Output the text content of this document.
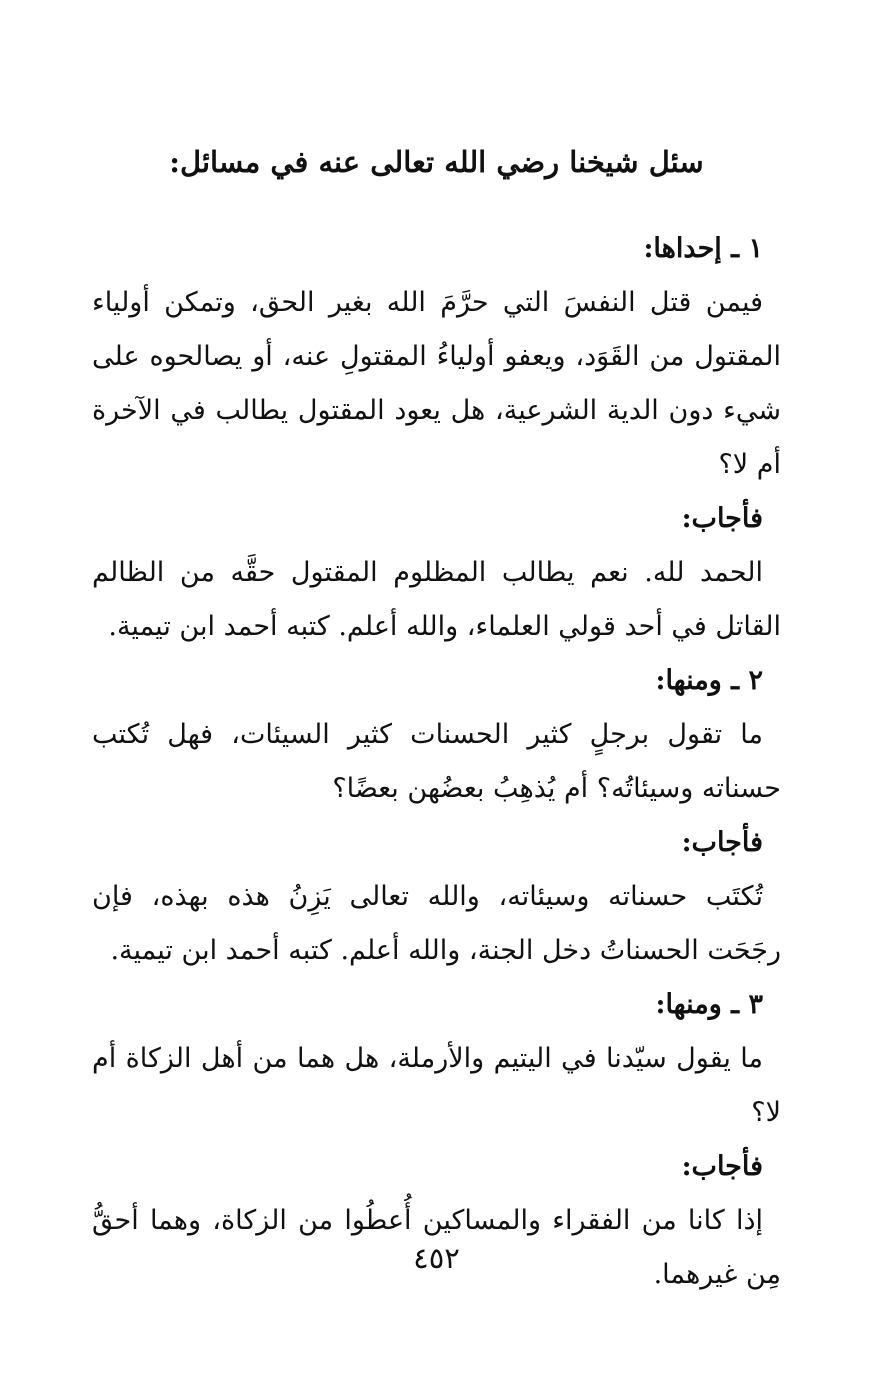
سئل شيخنا رضي الله تعالى عنه في مسائل:

١ ـ إحداها:

فيمن قتل النفسَ التي حرَّمَ الله بغير الحق، وتمكن أولياء المقتول من القَوَد، ويعفو أولياءُ المقتولِ عنه، أو يصالحوه على شيء دون الدية الشرعية، هل يعود المقتول يطالب في الآخرة أم لا؟

فأجاب:

الحمد لله. نعم يطالب المظلوم المقتول حقَّه من الظالم القاتل في أحد قولي العلماء، والله أعلم. كتبه أحمد ابن تيمية.

٢ ـ ومنها:

ما تقول برجلٍ كثير الحسنات كثير السيئات، فهل تُكتب حسناته وسيئاتُه؟ أم يُذهِبُ بعضُهن بعضًا؟

فأجاب:

تُكتَب حسناته وسيئاته، والله تعالى يَزِنُ هذه بهذه، فإن رجَحَت الحسناتُ دخل الجنة، والله أعلم. كتبه أحمد ابن تيمية.

٣ ـ ومنها:

ما يقول سيّدنا في اليتيم والأرملة، هل هما من أهل الزكاة أم لا؟

فأجاب:

إذا كانا من الفقراء والمساكين أُعطُوا من الزكاة، وهما أحقُّ مِن غيرهما.

٤٥٢
